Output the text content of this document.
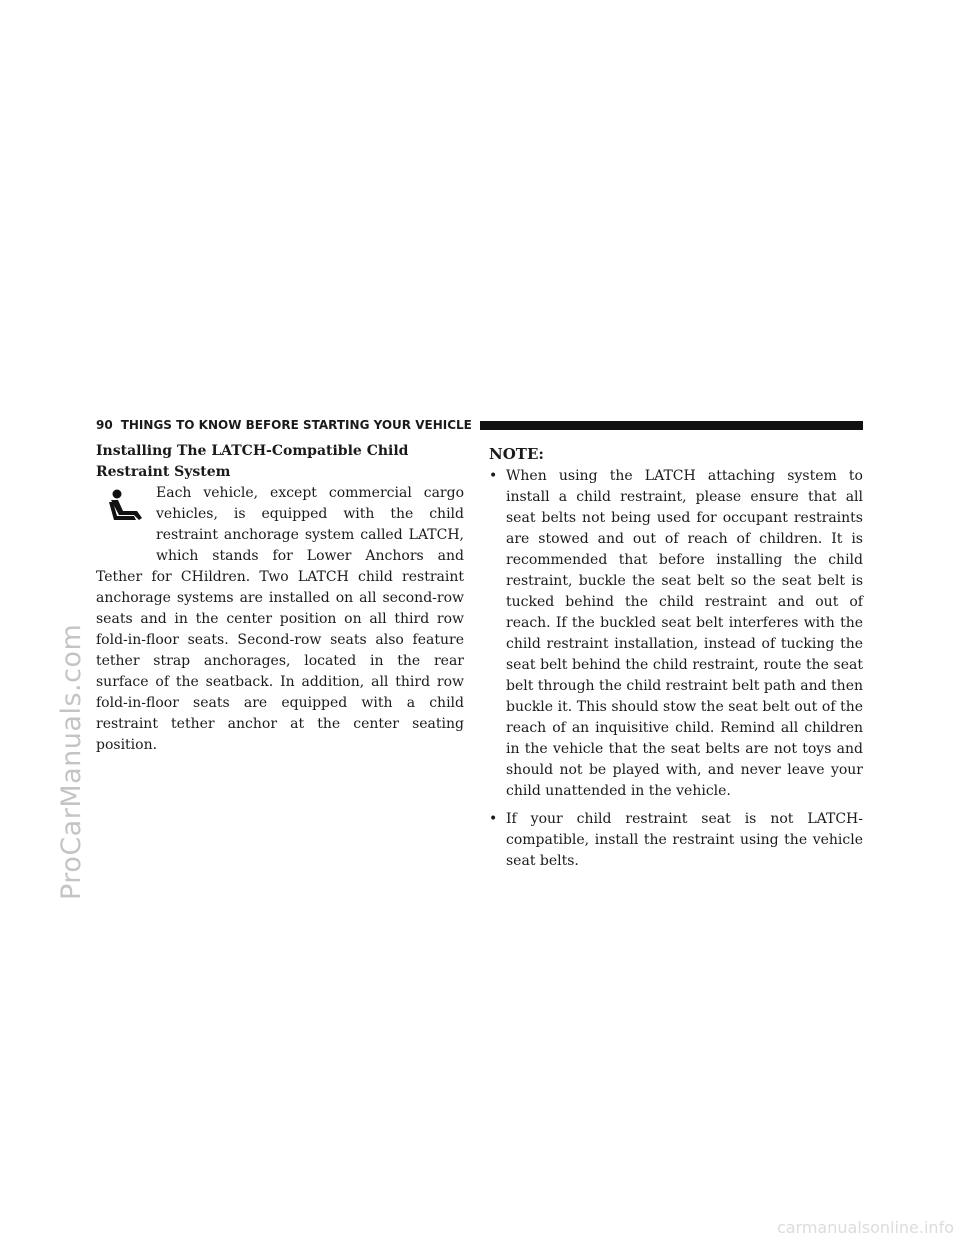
ProCarManuals.com
carmanualsonline.info
90 THINGS TO KNOW BEFORE STARTING YOUR VEHICLE
Installing The LATCH-Compatible Child Restraint System

Each vehicle, except commercial cargo vehicles, is equipped with the child restraint anchorage system called LATCH, which stands for Lower Anchors and Tether for CHildren. Two LATCH child restraint anchorage systems are installed on all second-row seats and in the center position on all third row fold-in-floor seats. Second-row seats also feature tether strap anchorages, located in the rear surface of the seatback. In addition, all third row fold-in-floor seats are equipped with a child restraint tether anchor at the center seating position.

NOTE:
• When using the LATCH attaching system to install a child restraint, please ensure that all seat belts not being used for occupant restraints are stowed and out of reach of children. It is recommended that before installing the child restraint, buckle the seat belt so the seat belt is tucked behind the child restraint and out of reach. If the buckled seat belt interferes with the child restraint installation, instead of tucking the seat belt behind the child restraint, route the seat belt through the child restraint belt path and then buckle it. This should stow the seat belt out of the reach of an inquisitive child. Remind all children in the vehicle that the seat belts are not toys and should not be played with, and never leave your child unattended in the vehicle.
• If your child restraint seat is not LATCH-compatible, install the restraint using the vehicle seat belts.
